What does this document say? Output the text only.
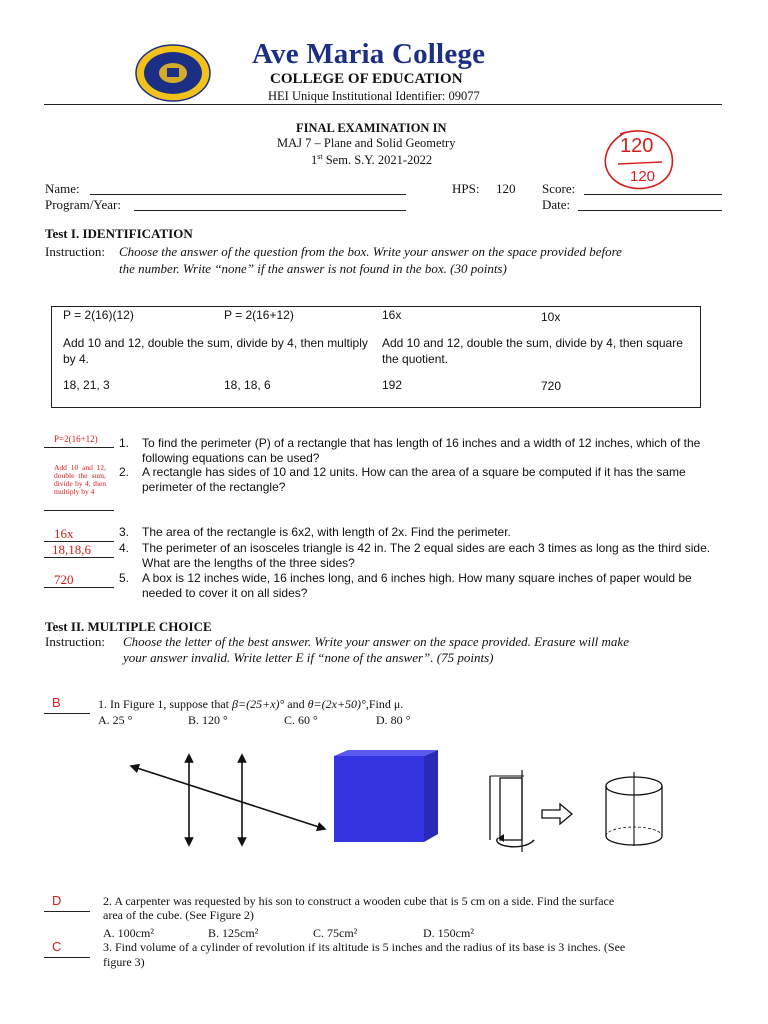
Ave Maria College
COLLEGE OF EDUCATION
HEI Unique Institutional Identifier: 09077
FINAL EXAMINATION IN
MAJ 7 – Plane and Solid Geometry
1st Sem. S.Y. 2021-2022
120
120
Name:	HPS: 120 Score:
Program/Year:	Date:
Test I. IDENTIFICATION
Instruction: Choose the answer of the question from the box. Write your answer on the space provided before
the number. Write “none” if the answer is not found in the box. (30 points)
P = 2(16)(12)	P = 2(16+12)	16x	10x
Add 10 and 12, double the sum, divide by 4, then multiply by 4.
Add 10 and 12, double the sum, divide by 4, then square the quotient.
18, 21, 3	18, 18, 6	192	720
P=2(16+12) 1. To find the perimeter (P) of a rectangle that has length of 16 inches and a width of 12 inches, which of the following equations can be used?
Add 10 and 12, double the sum, divide by 4, then multiply by 4
2. A rectangle has sides of 10 and 12 units. How can the area of a square be computed if it has the same perimeter of the rectangle?
16x	3. The area of the rectangle is 6x2, with length of 2x. Find the perimeter.
18,18,6 4. The perimeter of an isosceles triangle is 42 in. The 2 equal sides are each 3 times as long as the third side. What are the lengths of the three sides?
720	5. A box is 12 inches wide, 16 inches long, and 6 inches high. How many square inches of paper would be needed to cover it on all sides?
Test II. MULTIPLE CHOICE
Instruction: Choose the letter of the best answer. Write your answer on the space provided. Erasure will make
your answer invalid. Write letter E if “none of the answer”. (75 points)
B	1. In Figure 1, suppose that β=(25+x)° and θ=(2x+50)°,Find μ.
A. 25 °	B. 120 °	C. 60 °	D. 80 °
D	2. A carpenter was requested by his son to construct a wooden cube that is 5 cm on a side. Find the surface
area of the cube. (See Figure 2)
A. 100cm²	B. 125cm²	C. 75cm²	D. 150cm²
C	3. Find volume of a cylinder of revolution if its altitude is 5 inches and the radius of its base is 3 inches. (See
figure 3)
